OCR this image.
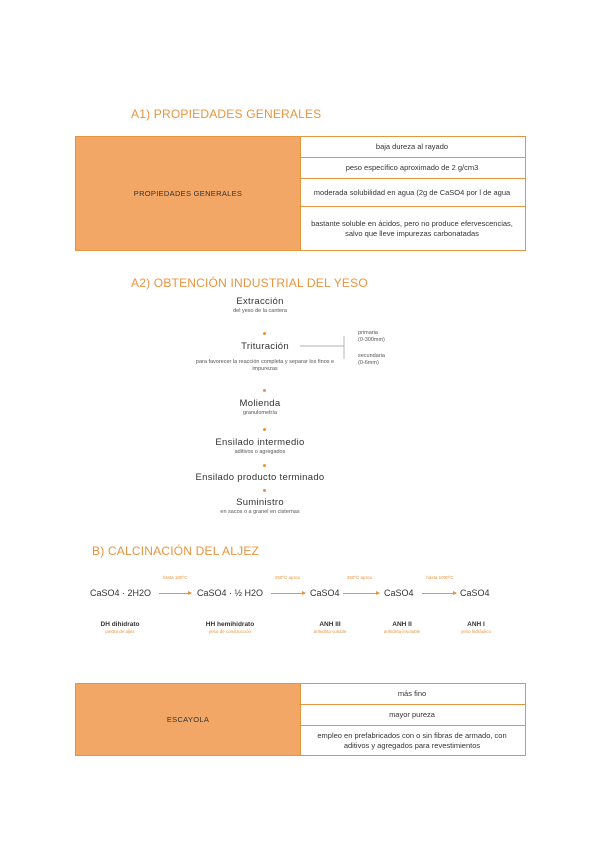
A1) PROPIEDADES GENERALES
PROPIEDADES GENERALES
baja dureza al rayado
peso específico aproximado de 2 g/cm3
moderada solubilidad en agua (2g de CaSO4 por l de agua
bastante soluble en ácidos, pero no produce efervescencias, salvo que lleve impurezas carbonatadas
A2) OBTENCIÓN INDUSTRIAL DEL YESO
Extracción
del yeso de la cantera
Trituración
para favorecer la reacción completa y separar los finos e impurezas
primaria
(0-300mm)
secundaria
(0-6mm)
Molienda
granulometría
Ensilado intermedio
aditivos o agregados
Ensilado producto terminado
Suministro
en sacos o a granel en cisternas
B) CALCINACIÓN DEL ALJEZ
CaSO4 · 2H2O
hasta 180ºC
→ CaSO4 · ½ H2O
250ºC aprox.
→ CaSO4
350ºC aprox.
→ CaSO4
hasta 1000ºC
→ CaSO4
DH dihidrato
piedra de aljez
HH hemihidrato
yeso de construcción
ANH III
anhidrita soluble
ANH II
anhidrita insoluble
ANH I
yeso hidráulico
ESCAYOLA
más fino
mayor pureza
empleo en prefabricados con o sin fibras de armado, con aditivos y agregados para revestimientos
